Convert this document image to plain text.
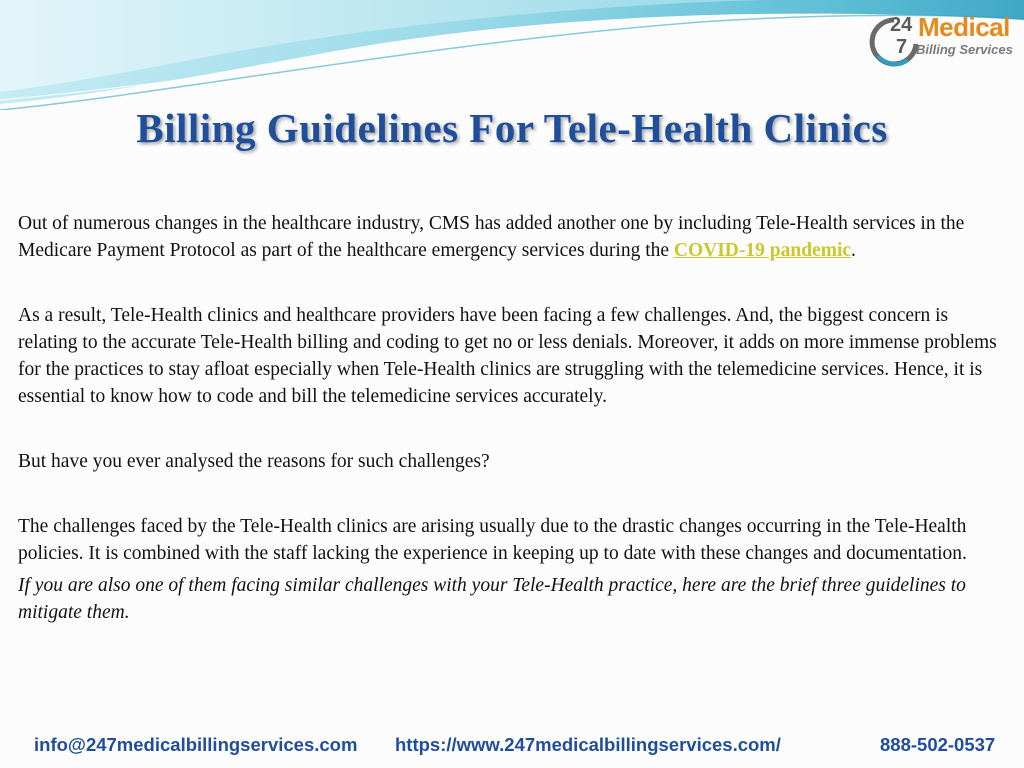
24 Medical
Billing Services
7
Billing Guidelines For Tele-Health Clinics

Out of numerous changes in the healthcare industry, CMS has added another one by including Tele-Health services in the Medicare Payment Protocol as part of the healthcare emergency services during the COVID-19 pandemic.

As a result, Tele-Health clinics and healthcare providers have been facing a few challenges. And, the biggest concern is relating to the accurate Tele-Health billing and coding to get no or less denials. Moreover, it adds on more immense problems for the practices to stay afloat especially when Tele-Health clinics are struggling with the telemedicine services. Hence, it is essential to know how to code and bill the telemedicine services accurately.

But have you ever analysed the reasons for such challenges?

The challenges faced by the Tele-Health clinics are arising usually due to the drastic changes occurring in the Tele-Health policies. It is combined with the staff lacking the experience in keeping up to date with these changes and documentation.

If you are also one of them facing similar challenges with your Tele-Health practice, here are the brief three guidelines to mitigate them.

info@247medicalbillingservices.com https://www.247medicalbillingservices.com/	888-502-0537
